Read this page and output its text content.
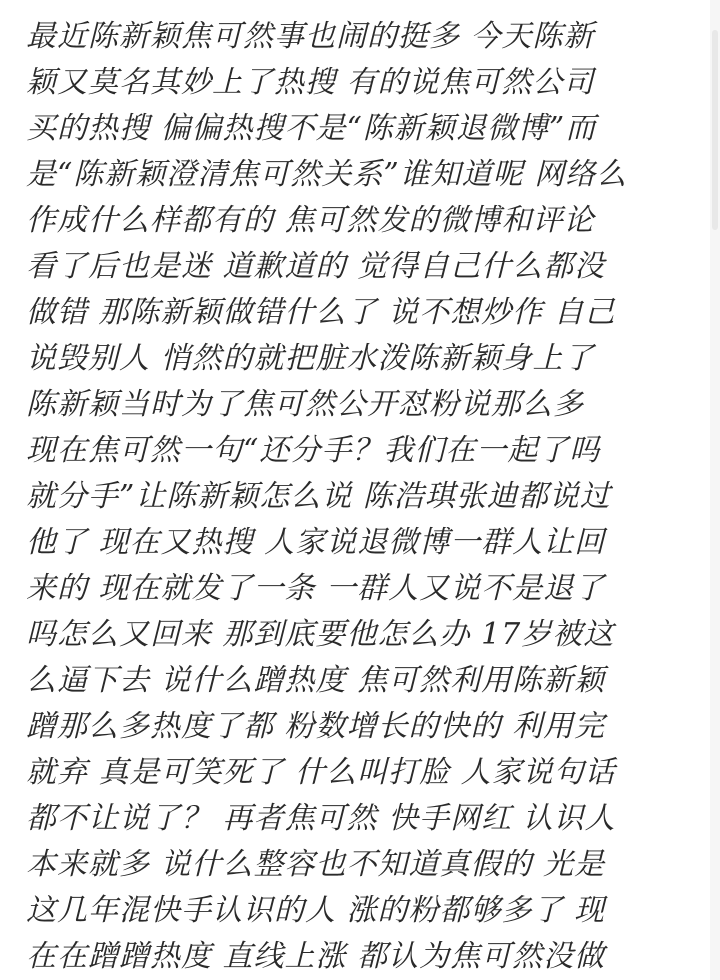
最近陈新颖焦可然事也闹的挺多 今天陈新
颖又莫名其妙上了热搜 有的说焦可然公司
买的热搜 偏偏热搜不是“陈新颖退微博”而
是“陈新颖澄清焦可然关系”谁知道呢 网络么
作成什么样都有的 焦可然发的微博和评论
看了后也是迷 道歉道的 觉得自己什么都没
做错 那陈新颖做错什么了 说不想炒作 自己
说毁别人 悄然的就把脏水泼陈新颖身上了
陈新颖当时为了焦可然公开怼粉说那么多
现在焦可然一句“还分手？我们在一起了吗
就分手”让陈新颖怎么说 陈浩琪张迪都说过
他了 现在又热搜 人家说退微博一群人让回
来的 现在就发了一条 一群人又说不是退了
吗怎么又回来 那到底要他怎么办 17岁被这
么逼下去 说什么蹭热度 焦可然利用陈新颖
蹭那么多热度了都 粉数增长的快的 利用完
就弃 真是可笑死了 什么叫打脸 人家说句话
都不让说了？ 再者焦可然 快手网红 认识人
本来就多 说什么整容也不知道真假的 光是
这几年混快手认识的人 涨的粉都够多了 现
在在蹭蹭热度 直线上涨 都认为焦可然没做
